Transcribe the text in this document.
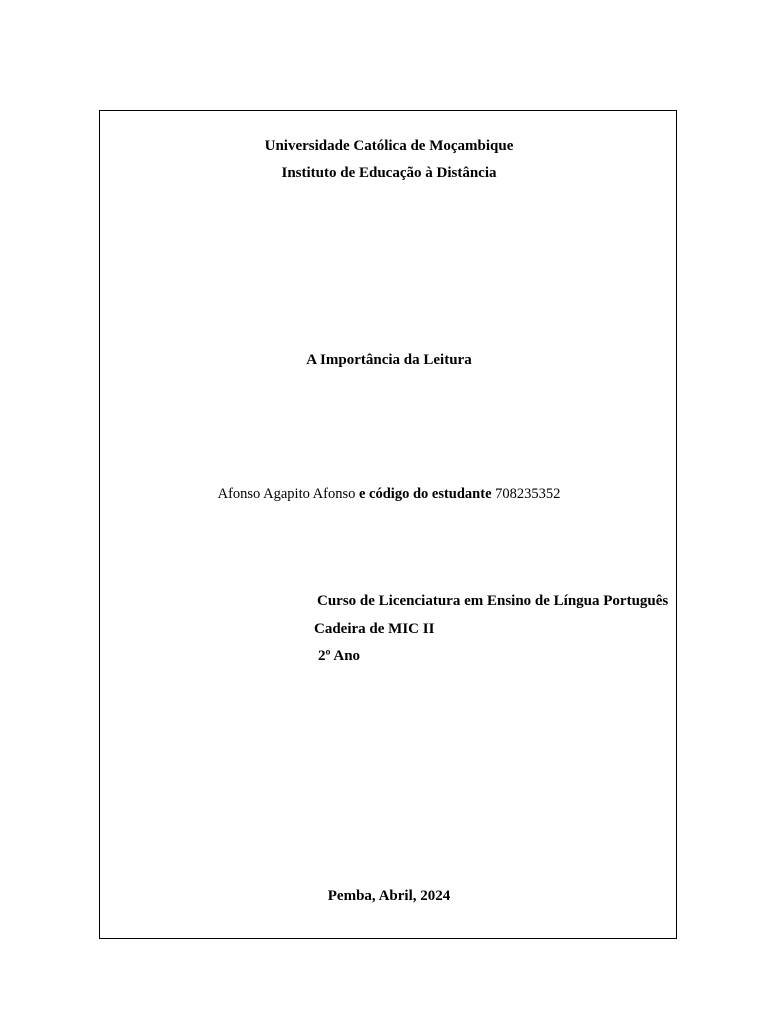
Universidade Católica de Moçambique
Instituto de Educação à Distância
A Importância da Leitura
Afonso Agapito Afonso e código do estudante 708235352
Curso de Licenciatura em Ensino de Língua Português
Cadeira de MIC II
2º Ano
Pemba, Abril, 2024
